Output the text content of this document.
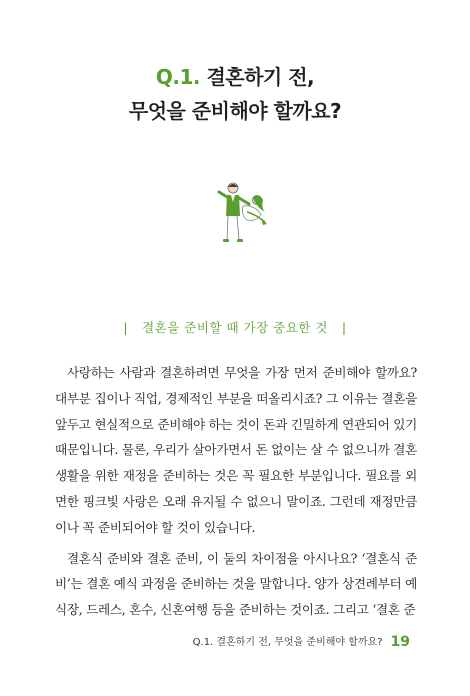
Q.1. 결혼하기 전,
무엇을 준비해야 할까요?
| 결혼을 준비할 때 가장 중요한 것 |

사랑하는 사람과 결혼하려면 무엇을 가장 먼저 준비해야 할까요? 대부분 집이나 직업, 경제적인 부분을 떠올리시죠? 그 이유는 결혼을 앞두고 현실적으로 준비해야 하는 것이 돈과 긴밀하게 연관되어 있기 때문입니다. 물론, 우리가 살아가면서 돈 없이는 살 수 없으니까 결혼 생활을 위한 재정을 준비하는 것은 꼭 필요한 부분입니다. 필요를 외면한 핑크빛 사랑은 오래 유지될 수 없으니 말이죠. 그런데 재정만큼이나 꼭 준비되어야 할 것이 있습니다.

결혼식 준비와 결혼 준비, 이 둘의 차이점을 아시나요? ‘결혼식 준비’는 결혼 예식 과정을 준비하는 것을 말합니다. 양가 상견례부터 예식장, 드레스, 혼수, 신혼여행 등을 준비하는 것이죠. 그리고 ‘결혼 준

Q.1. 결혼하기 전, 무엇을 준비해야 할까요? 19
